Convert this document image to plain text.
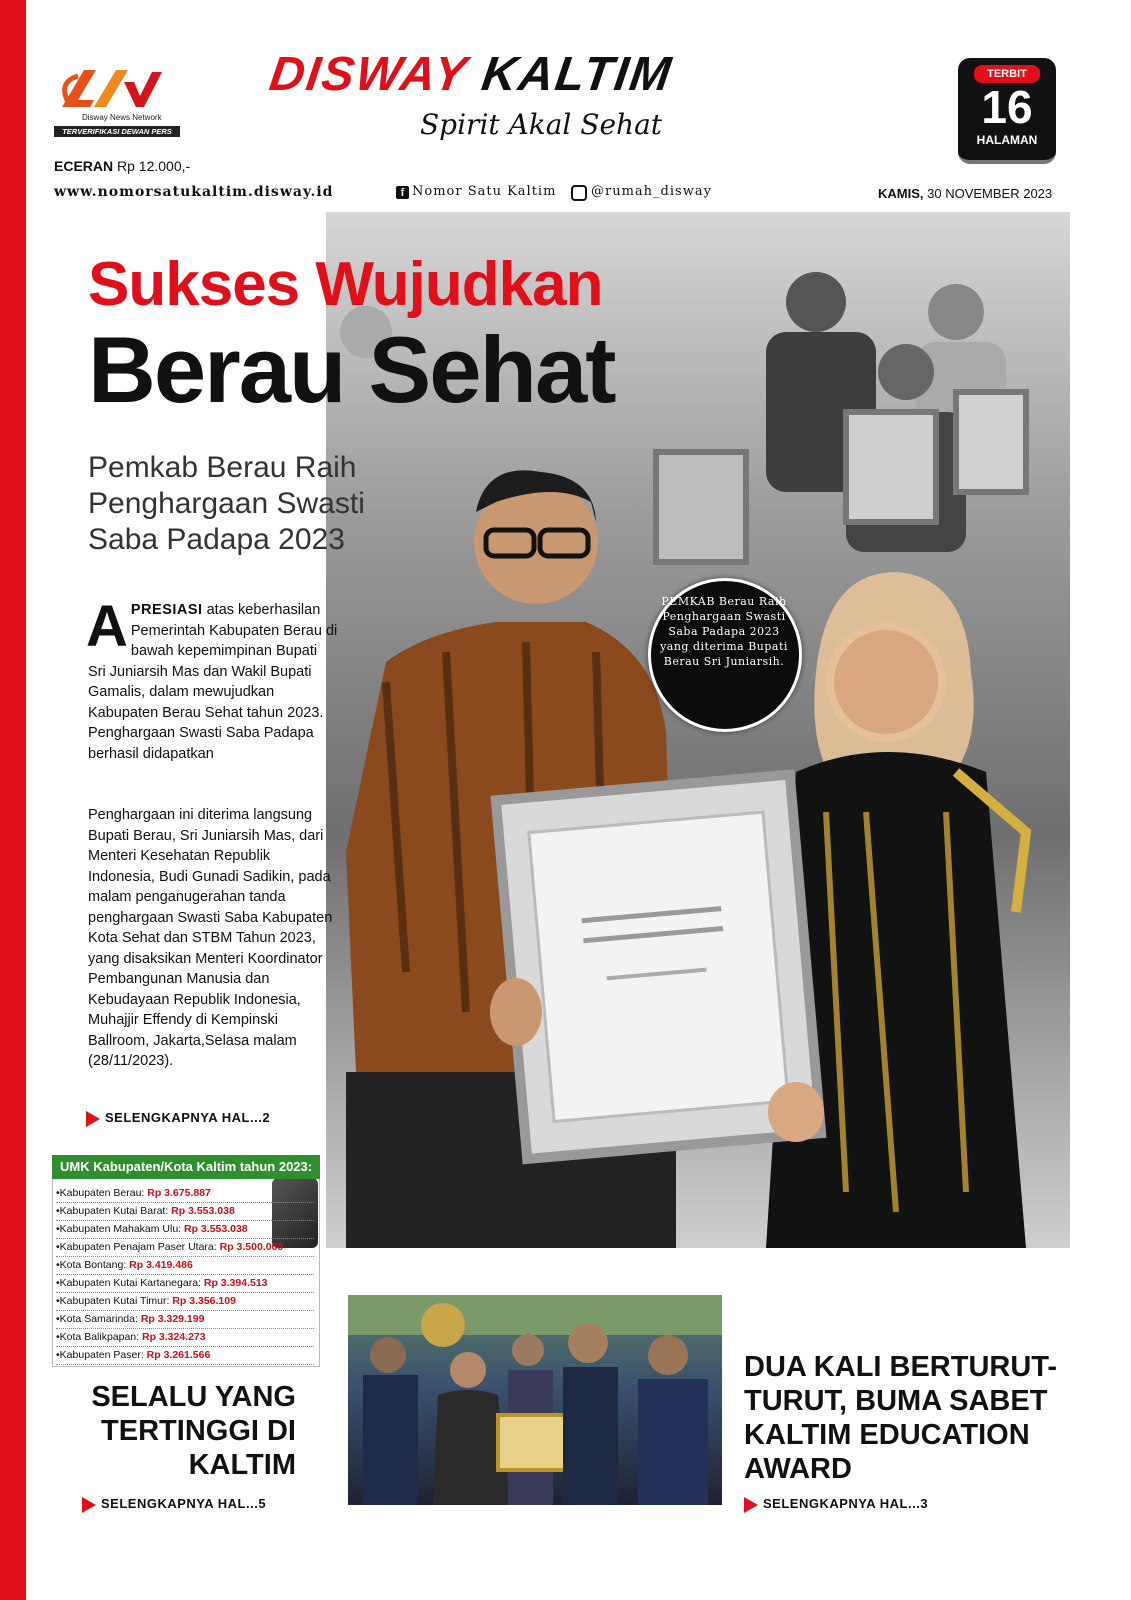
Disway News Network
TERVERIFIKASI DEWAN PERS
DISWAY KALTIM
Spirit Akal Sehat
TERBIT
16
HALAMAN
ECERAN Rp 12.000,-
www.nomorsatukaltim.disway.id	f Nomor Satu Kaltim	@rumah_disway	KAMIS, 30 NOVEMBER 2023
Sukses Wujudkan
Berau Sehat
Pemkab Berau Raih Penghargaan Swasti Saba Padapa 2023
APRESIASI atas keberhasilan Pemerintah Kabupaten Berau di bawah kepemimpinan Bupati Sri Juniarsih Mas dan Wakil Bupati Gamalis, dalam mewujudkan Kabupaten Berau Sehat tahun 2023. Penghargaan Swasti Saba Padapa berhasil didapatkan
Penghargaan ini diterima langsung Bupati Berau, Sri Juniarsih Mas, dari Menteri Kesehatan Republik Indonesia, Budi Gunadi Sadikin, pada malam penganugerahan tanda penghargaan Swasti Saba Kabupaten Kota Sehat dan STBM Tahun 2023, yang disaksikan Menteri Koordinator Pembangunan Manusia dan Kebudayaan Republik Indonesia, Muhajjir Effendy di Kempinski Ballroom, Jakarta,Selasa malam (28/11/2023).
SELENGKAPNYA HAL...2
PEMKAB Berau Raih Penghargaan Swasti Saba Padapa 2023 yang diterima Bupati Berau Sri Juniarsih.
UMK Kabupaten/Kota Kaltim tahun 2023:
•Kabupaten Berau: Rp 3.675.887
•Kabupaten Kutai Barat: Rp 3.553.038
•Kabupaten Mahakam Ulu: Rp 3.553.038
•Kabupaten Penajam Paser Utara: Rp 3.500.000
•Kota Bontang: Rp 3.419.486
•Kabupaten Kutai Kartanegara: Rp 3.394.513
•Kabupaten Kutai Timur: Rp 3.356.109
•Kota Samarinda: Rp 3.329.199
•Kota Balikpapan: Rp 3.324.273
•Kabupaten Paser: Rp 3.261.566
SELALU YANG TERTINGGI DI KALTIM
SELENGKAPNYA HAL...5
DUA KALI BERTURUT-TURUT, BUMA SABET KALTIM EDUCATION AWARD
SELENGKAPNYA HAL...3
